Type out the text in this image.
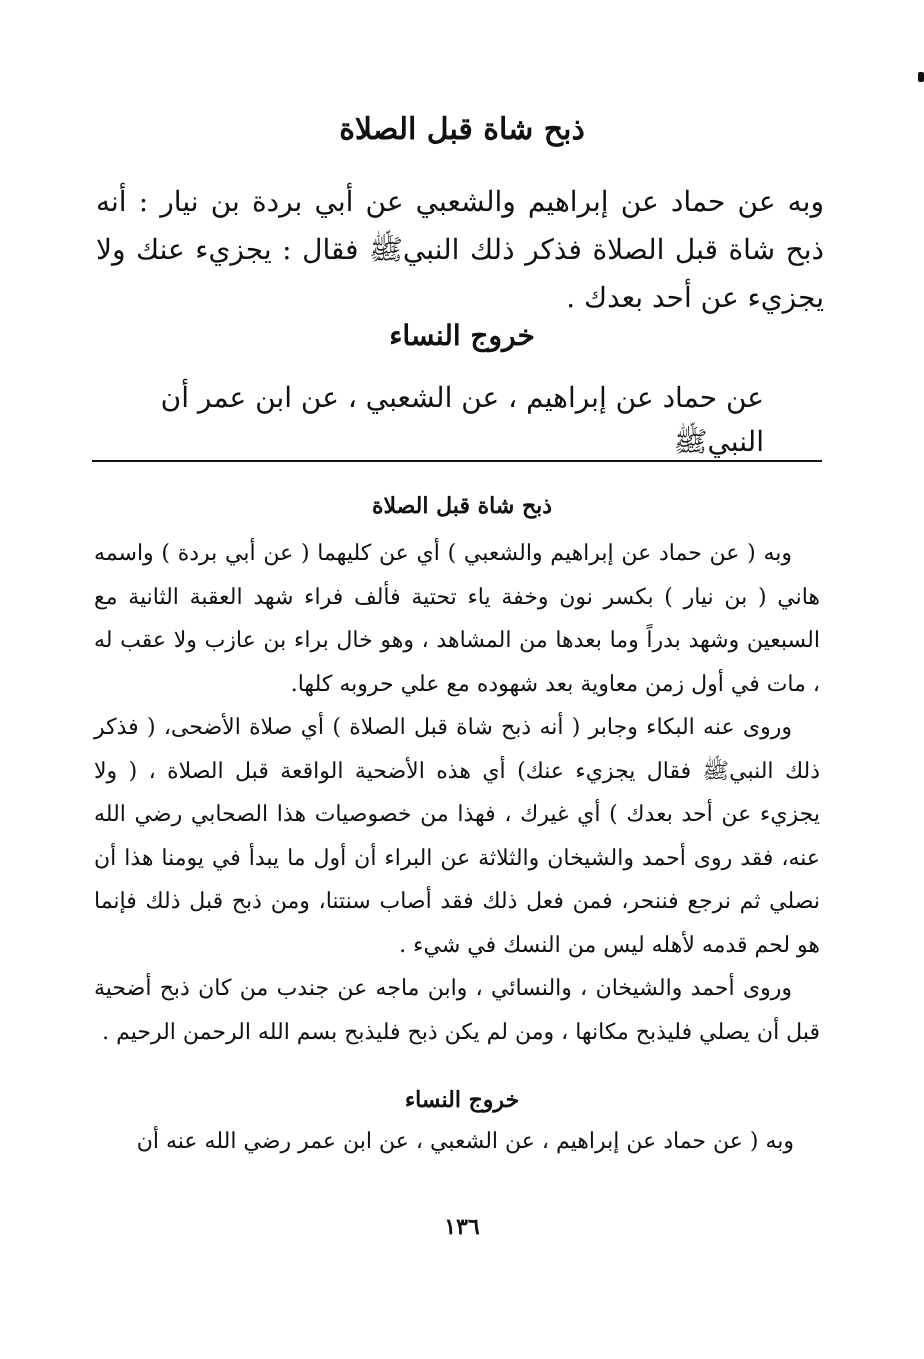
ذبح شاة قبل الصلاة

وبه عن حماد عن إبراهيم والشعبي عن أبي بردة بن نيار : أنه ذبح شاة قبل الصلاة فذكر ذلك النبيﷺ فقال : يجزيء عنك ولا يجزيء عن أحد بعدك .

خروج النساء
عن حماد عن إبراهيم ، عن الشعبي ، عن ابن عمر أن النبيﷺ
ذبح شاة قبل الصلاة

وبه ( عن حماد عن إبراهيم والشعبي ) أي عن كليهما ( عن أبي بردة ) واسمه هاني ( بن نيار ) بكسر نون وخفة ياء تحتية فألف فراء شهد العقبة الثانية مع السبعين وشهد بدراً وما بعدها من المشاهد ، وهو خال براء بن عازب ولا عقب له ، مات في أول زمن معاوية بعد شهوده مع علي حروبه كلها.

وروى عنه البكاء وجابر ( أنه ذبح شاة قبل الصلاة ) أي صلاة الأضحى، ( فذكر ذلك النبيﷺ فقال يجزيء عنك) أي هذه الأضحية الواقعة قبل الصلاة ، ( ولا يجزيء عن أحد بعدك ) أي غيرك ، فهذا من خصوصيات هذا الصحابي رضي الله عنه، فقد روى أحمد والشيخان والثلاثة عن البراء أن أول ما يبدأ في يومنا هذا أن نصلي ثم نرجع فننحر، فمن فعل ذلك فقد أصاب سنتنا، ومن ذبح قبل ذلك فإنما هو لحم قدمه لأهله ليس من النسك في شيء .

وروى أحمد والشيخان ، والنسائي ، وابن ماجه عن جندب من كان ذبح أضحية قبل أن يصلي فليذبح مكانها ، ومن لم يكن ذبح فليذبح بسم الله الرحمن الرحيم .

خروج النساء
وبه ( عن حماد عن إبراهيم ، عن الشعبي ، عن ابن عمر رضي الله عنه أن
١٣٦
